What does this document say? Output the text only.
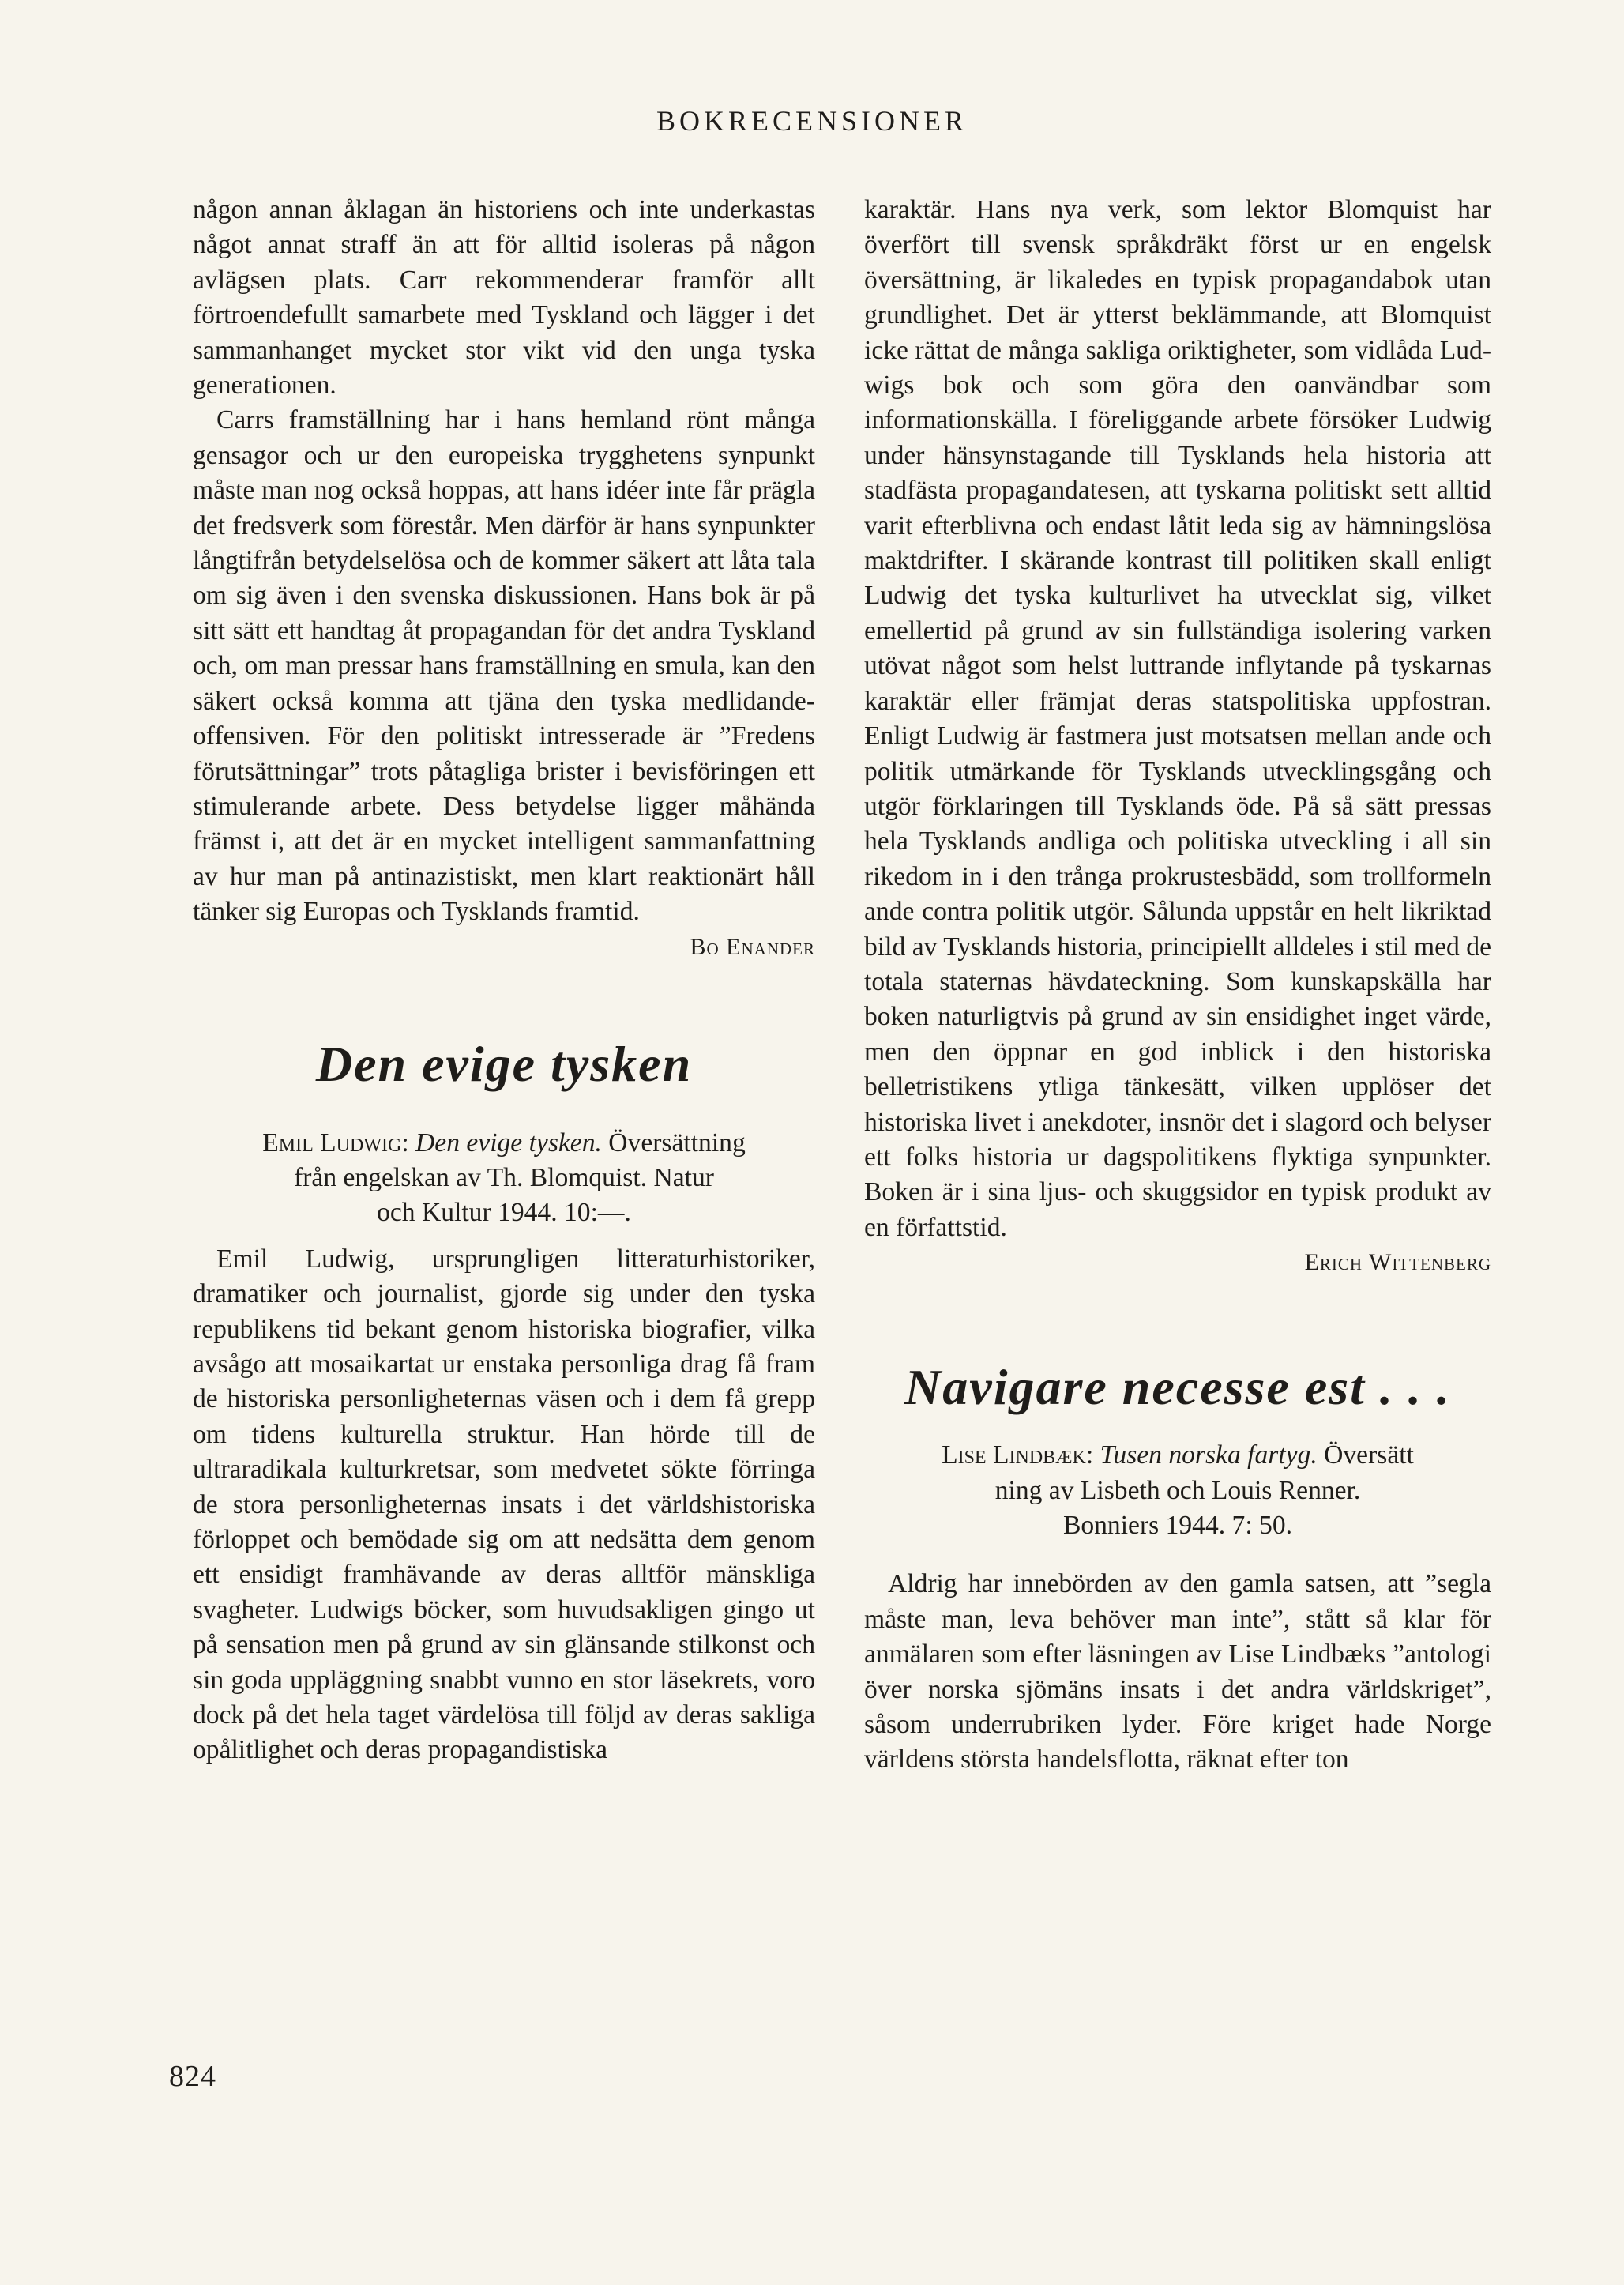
BOKRECENSIONER

någon annan åklagan än historiens och inte underkastas något annat straff än att för alltid isoleras på någon avlägsen plats. Carr rekommenderar framför allt förtroendefullt samarbete med Tyskland och lägger i det sammanhanget mycket stor vikt vid den unga tyska generationen.

Carrs framställning har i hans hemland rönt många gensagor och ur den europeiska trygghetens synpunkt måste man nog också hoppas, att hans idéer inte får prägla det fredsverk som förestår. Men därför är hans synpunkter långtifrån betydelselösa och de kommer säkert att låta tala om sig även i den svenska diskussionen. Hans bok är på sitt sätt ett handtag åt propagandan för det andra Tyskland och, om man pressar hans framställning en smula, kan den säkert också komma att tjäna den tyska medlidandeoffensiven. För den politiskt intresserade är ”Fredens förutsättningar” trots påtagliga brister i bevisföringen ett stimulerande arbete. Dess betydelse ligger måhända främst i, att det är en mycket intelligent sammanfattning av hur man på antinazistiskt, men klart reaktionärt håll tänker sig Europas och Tysklands framtid.

Bo Enander
Den evige tysken
Emil Ludwig: Den evige tysken. Översättning
från engelskan av Th. Blomquist. Natur
och Kultur 1944. 10:—.

Emil Ludwig, ursprungligen litteraturhistoriker, dramatiker och journalist, gjorde sig under den tyska republikens tid bekant genom historiska biografier, vilka avsågo att mosaikartat ur enstaka personliga drag få fram de historiska personligheternas väsen och i dem få grepp om tidens kulturella struktur. Han hörde till de ultraradikala kulturkretsar, som medvetet sökte förringa de stora personligheternas insats i det världshistoriska förloppet och bemödade sig om att nedsätta dem genom ett ensidigt framhävande av deras alltför mänskliga svagheter. Ludwigs böcker, som huvudsakligen gingo ut på sensation men på grund av sin glänsande stilkonst och sin goda uppläggning snabbt vunno en stor läsekrets, voro dock på det hela taget värdelösa till följd av deras sakliga opålitlighet och deras propagandistiska

karaktär. Hans nya verk, som lektor Blomquist har överfört till svensk språkdräkt först ur en engelsk översättning, är likaledes en typisk propagandabok utan grundlighet. Det är ytterst beklämmande, att Blomquist icke rättat de många sakliga oriktigheter, som vidlåda Ludwigs bok och som göra den oanvändbar som informationskälla. I föreliggande arbete försöker Ludwig under hänsynstagande till Tysklands hela historia att stadfästa propagandatesen, att tyskarna politiskt sett alltid varit efterblivna och endast låtit leda sig av hämningslösa maktdrifter. I skärande kontrast till politiken skall enligt Ludwig det tyska kulturlivet ha utvecklat sig, vilket emellertid på grund av sin fullständiga isolering varken utövat något som helst luttrande inflytande på tyskarnas karaktär eller främjat deras statspolitiska uppfostran. Enligt Ludwig är fastmera just motsatsen mellan ande och politik utmärkande för Tysklands utvecklingsgång och utgör förklaringen till Tysklands öde. På så sätt pressas hela Tysklands andliga och politiska utveckling i all sin rikedom in i den trånga prokrustesbädd, som trollformeln ande contra politik utgör. Sålunda uppstår en helt likriktad bild av Tysklands historia, principiellt alldeles i stil med de totala staternas hävdateckning. Som kunskapskälla har boken naturligtvis på grund av sin ensidighet inget värde, men den öppnar en god inblick i den historiska belletristikens ytliga tänkesätt, vilken upplöser det historiska livet i anekdoter, insnör det i slagord och belyser ett folks historia ur dagspolitikens flyktiga synpunkter. Boken är i sina ljus- och skuggsidor en typisk produkt av en författstid.

Erich Wittenberg
Navigare necesse est . . .
Lise Lindbæk: Tusen norska fartyg. Översätt
ning av Lisbeth och Louis Renner.
Bonniers 1944. 7: 50.

Aldrig har innebörden av den gamla satsen, att ”segla måste man, leva behöver man inte”, stått så klar för anmälaren som efter läsningen av Lise Lindbæks ”antologi över norska sjömäns insats i det andra världskriget”, såsom underrubriken lyder. Före kriget hade Norge världens största handelsflotta, räknat efter ton

824
